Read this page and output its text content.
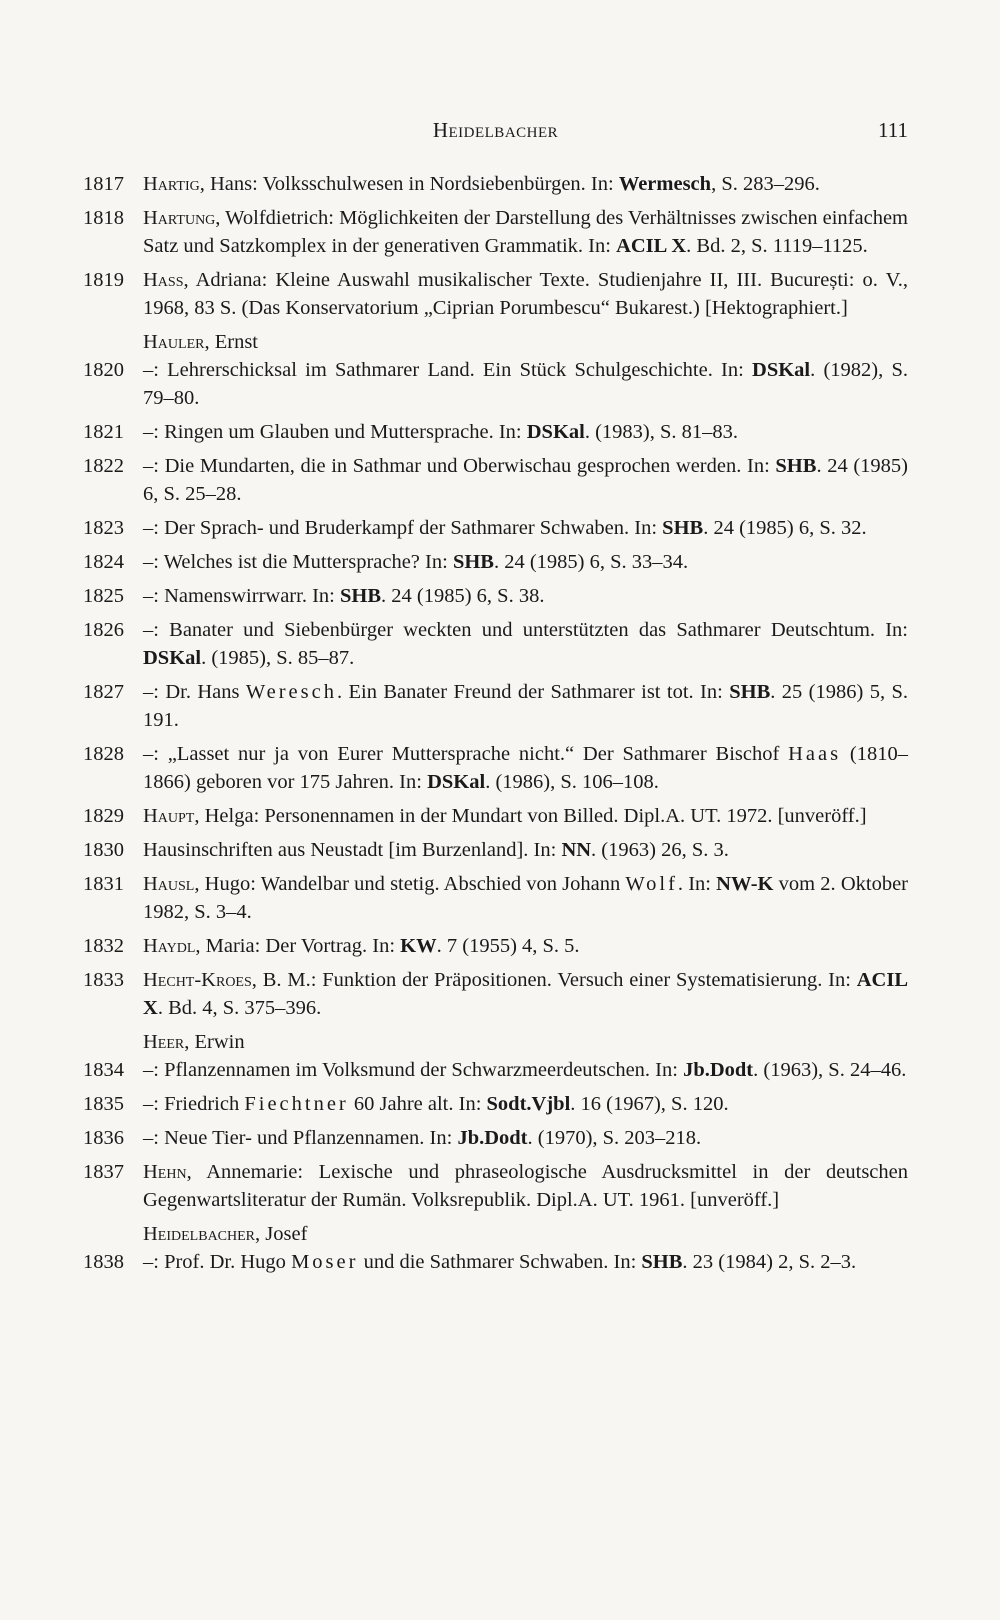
Heidelbacher	111
1817 Hartig, Hans: Volksschulwesen in Nordsiebenbürgen. In: Wermesch, S. 283–296.
1818 Hartung, Wolfdietrich: Möglichkeiten der Darstellung des Verhältnisses zwischen einfachem Satz und Satzkomplex in der generativen Grammatik. In: ACIL X. Bd. 2, S. 1119–1125.
1819 Hass, Adriana: Kleine Auswahl musikalischer Texte. Studienjahre II, III. București: o. V., 1968, 83 S. (Das Konservatorium „Ciprian Porumbescu“ Bukarest.) [Hektographiert.]
Hauler, Ernst
1820 –: Lehrerschicksal im Sathmarer Land. Ein Stück Schulgeschichte. In: DSKal. (1982), S. 79–80.
1821 –: Ringen um Glauben und Muttersprache. In: DSKal. (1983), S. 81–83.
1822 –: Die Mundarten, die in Sathmar und Oberwischau gesprochen werden. In: SHB. 24 (1985) 6, S. 25–28.
1823 –: Der Sprach- und Bruderkampf der Sathmarer Schwaben. In: SHB. 24 (1985) 6, S. 32.
1824 –: Welches ist die Muttersprache? In: SHB. 24 (1985) 6, S. 33–34.
1825 –: Namenswirrwarr. In: SHB. 24 (1985) 6, S. 38.
1826 –: Banater und Siebenbürger weckten und unterstützten das Sathmarer Deutschtum. In: DSKal. (1985), S. 85–87.
1827 –: Dr. Hans Weresch. Ein Banater Freund der Sathmarer ist tot. In: SHB. 25 (1986) 5, S. 191.
1828 –: „Lasset nur ja von Eurer Muttersprache nicht.“ Der Sathmarer Bischof Haas (1810–1866) geboren vor 175 Jahren. In: DSKal. (1986), S. 106–108.
1829 Haupt, Helga: Personennamen in der Mundart von Billed. Dipl.A. UT. 1972. [unveröff.]
1830 Hausinschriften aus Neustadt [im Burzenland]. In: NN. (1963) 26, S. 3.
1831 Hausl, Hugo: Wandelbar und stetig. Abschied von Johann Wolf. In: NW-K vom 2. Oktober 1982, S. 3–4.
1832 Haydl, Maria: Der Vortrag. In: KW. 7 (1955) 4, S. 5.
1833 Hecht-Kroes, B. M.: Funktion der Präpositionen. Versuch einer Systematisierung. In: ACIL X. Bd. 4, S. 375–396.
Heer, Erwin
1834 –: Pflanzennamen im Volksmund der Schwarzmeerdeutschen. In: Jb.Dodt. (1963), S. 24–46.
1835 –: Friedrich Fiechtner 60 Jahre alt. In: Sodt.Vjbl. 16 (1967), S. 120.
1836 –: Neue Tier- und Pflanzennamen. In: Jb.Dodt. (1970), S. 203–218.
1837 Hehn, Annemarie: Lexische und phraseologische Ausdrucksmittel in der deutschen Gegenwartsliteratur der Rumän. Volksrepublik. Dipl.A. UT. 1961. [unveröff.]
Heidelbacher, Josef
1838 –: Prof. Dr. Hugo Moser und die Sathmarer Schwaben. In: SHB. 23 (1984) 2, S. 2–3.
